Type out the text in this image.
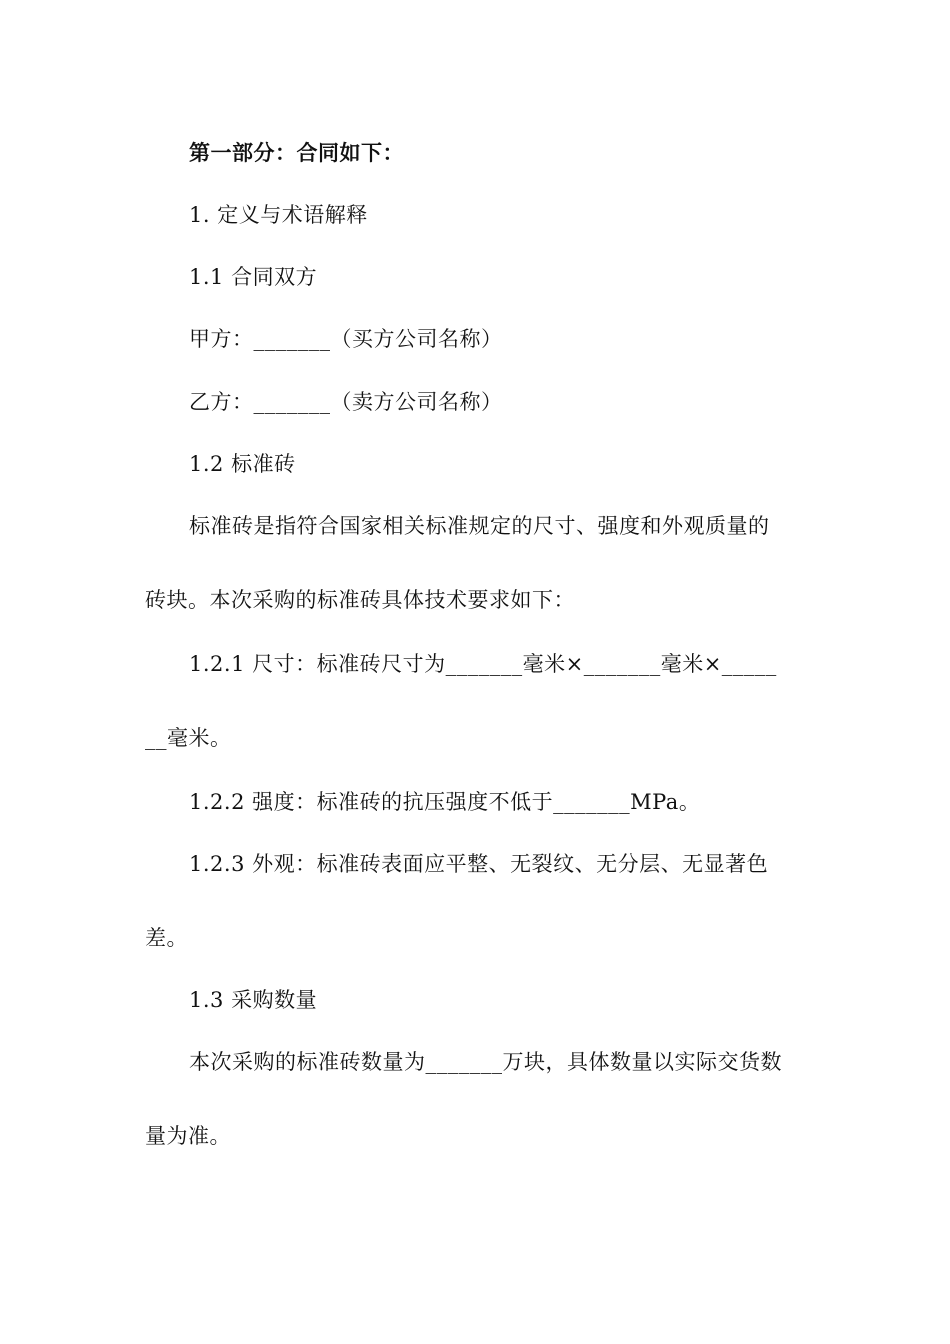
第一部分：合同如下：
1. 定义与术语解释
1.1 合同双方
甲方：_______（买方公司名称）
乙方：_______（卖方公司名称）
1.2 标准砖
标准砖是指符合国家相关标准规定的尺寸、强度和外观质量的
砖块。本次采购的标准砖具体技术要求如下：
1.2.1 尺寸：标准砖尺寸为_______毫米×_______毫米×_____
__毫米。
1.2.2 强度：标准砖的抗压强度不低于_______MPa。
1.2.3 外观：标准砖表面应平整、无裂纹、无分层、无显著色
差。
1.3 采购数量
本次采购的标准砖数量为_______万块，具体数量以实际交货数
量为准。
